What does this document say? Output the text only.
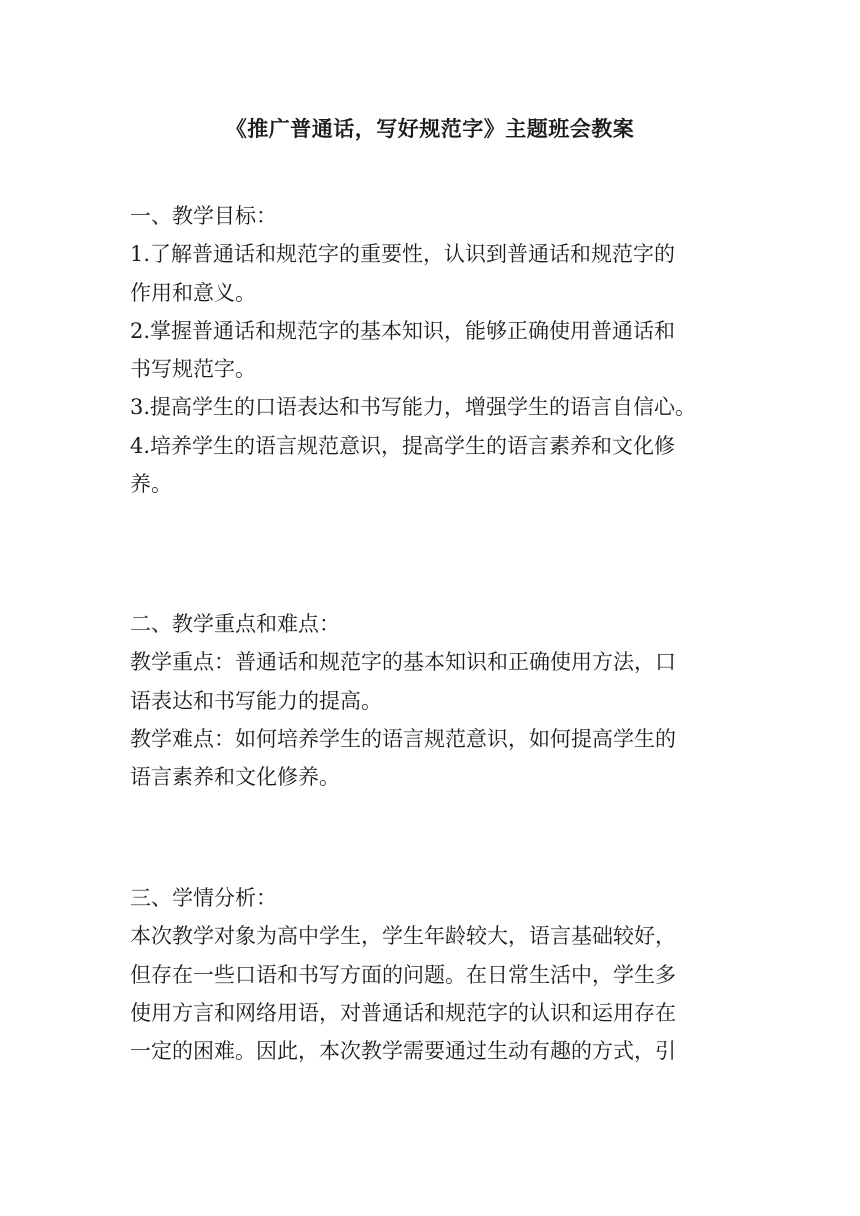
《推广普通话，写好规范字》主题班会教案
一、教学目标：
1.了解普通话和规范字的重要性，认识到普通话和规范字的
作用和意义。
2.掌握普通话和规范字的基本知识，能够正确使用普通话和
书写规范字。
3.提高学生的口语表达和书写能力，增强学生的语言自信心。
4.培养学生的语言规范意识，提高学生的语言素养和文化修
养。
二、教学重点和难点：
教学重点：普通话和规范字的基本知识和正确使用方法，口
语表达和书写能力的提高。
教学难点：如何培养学生的语言规范意识，如何提高学生的
语言素养和文化修养。
三、学情分析：
本次教学对象为高中学生，学生年龄较大，语言基础较好，
但存在一些口语和书写方面的问题。在日常生活中，学生多
使用方言和网络用语，对普通话和规范字的认识和运用存在
一定的困难。因此，本次教学需要通过生动有趣的方式，引
